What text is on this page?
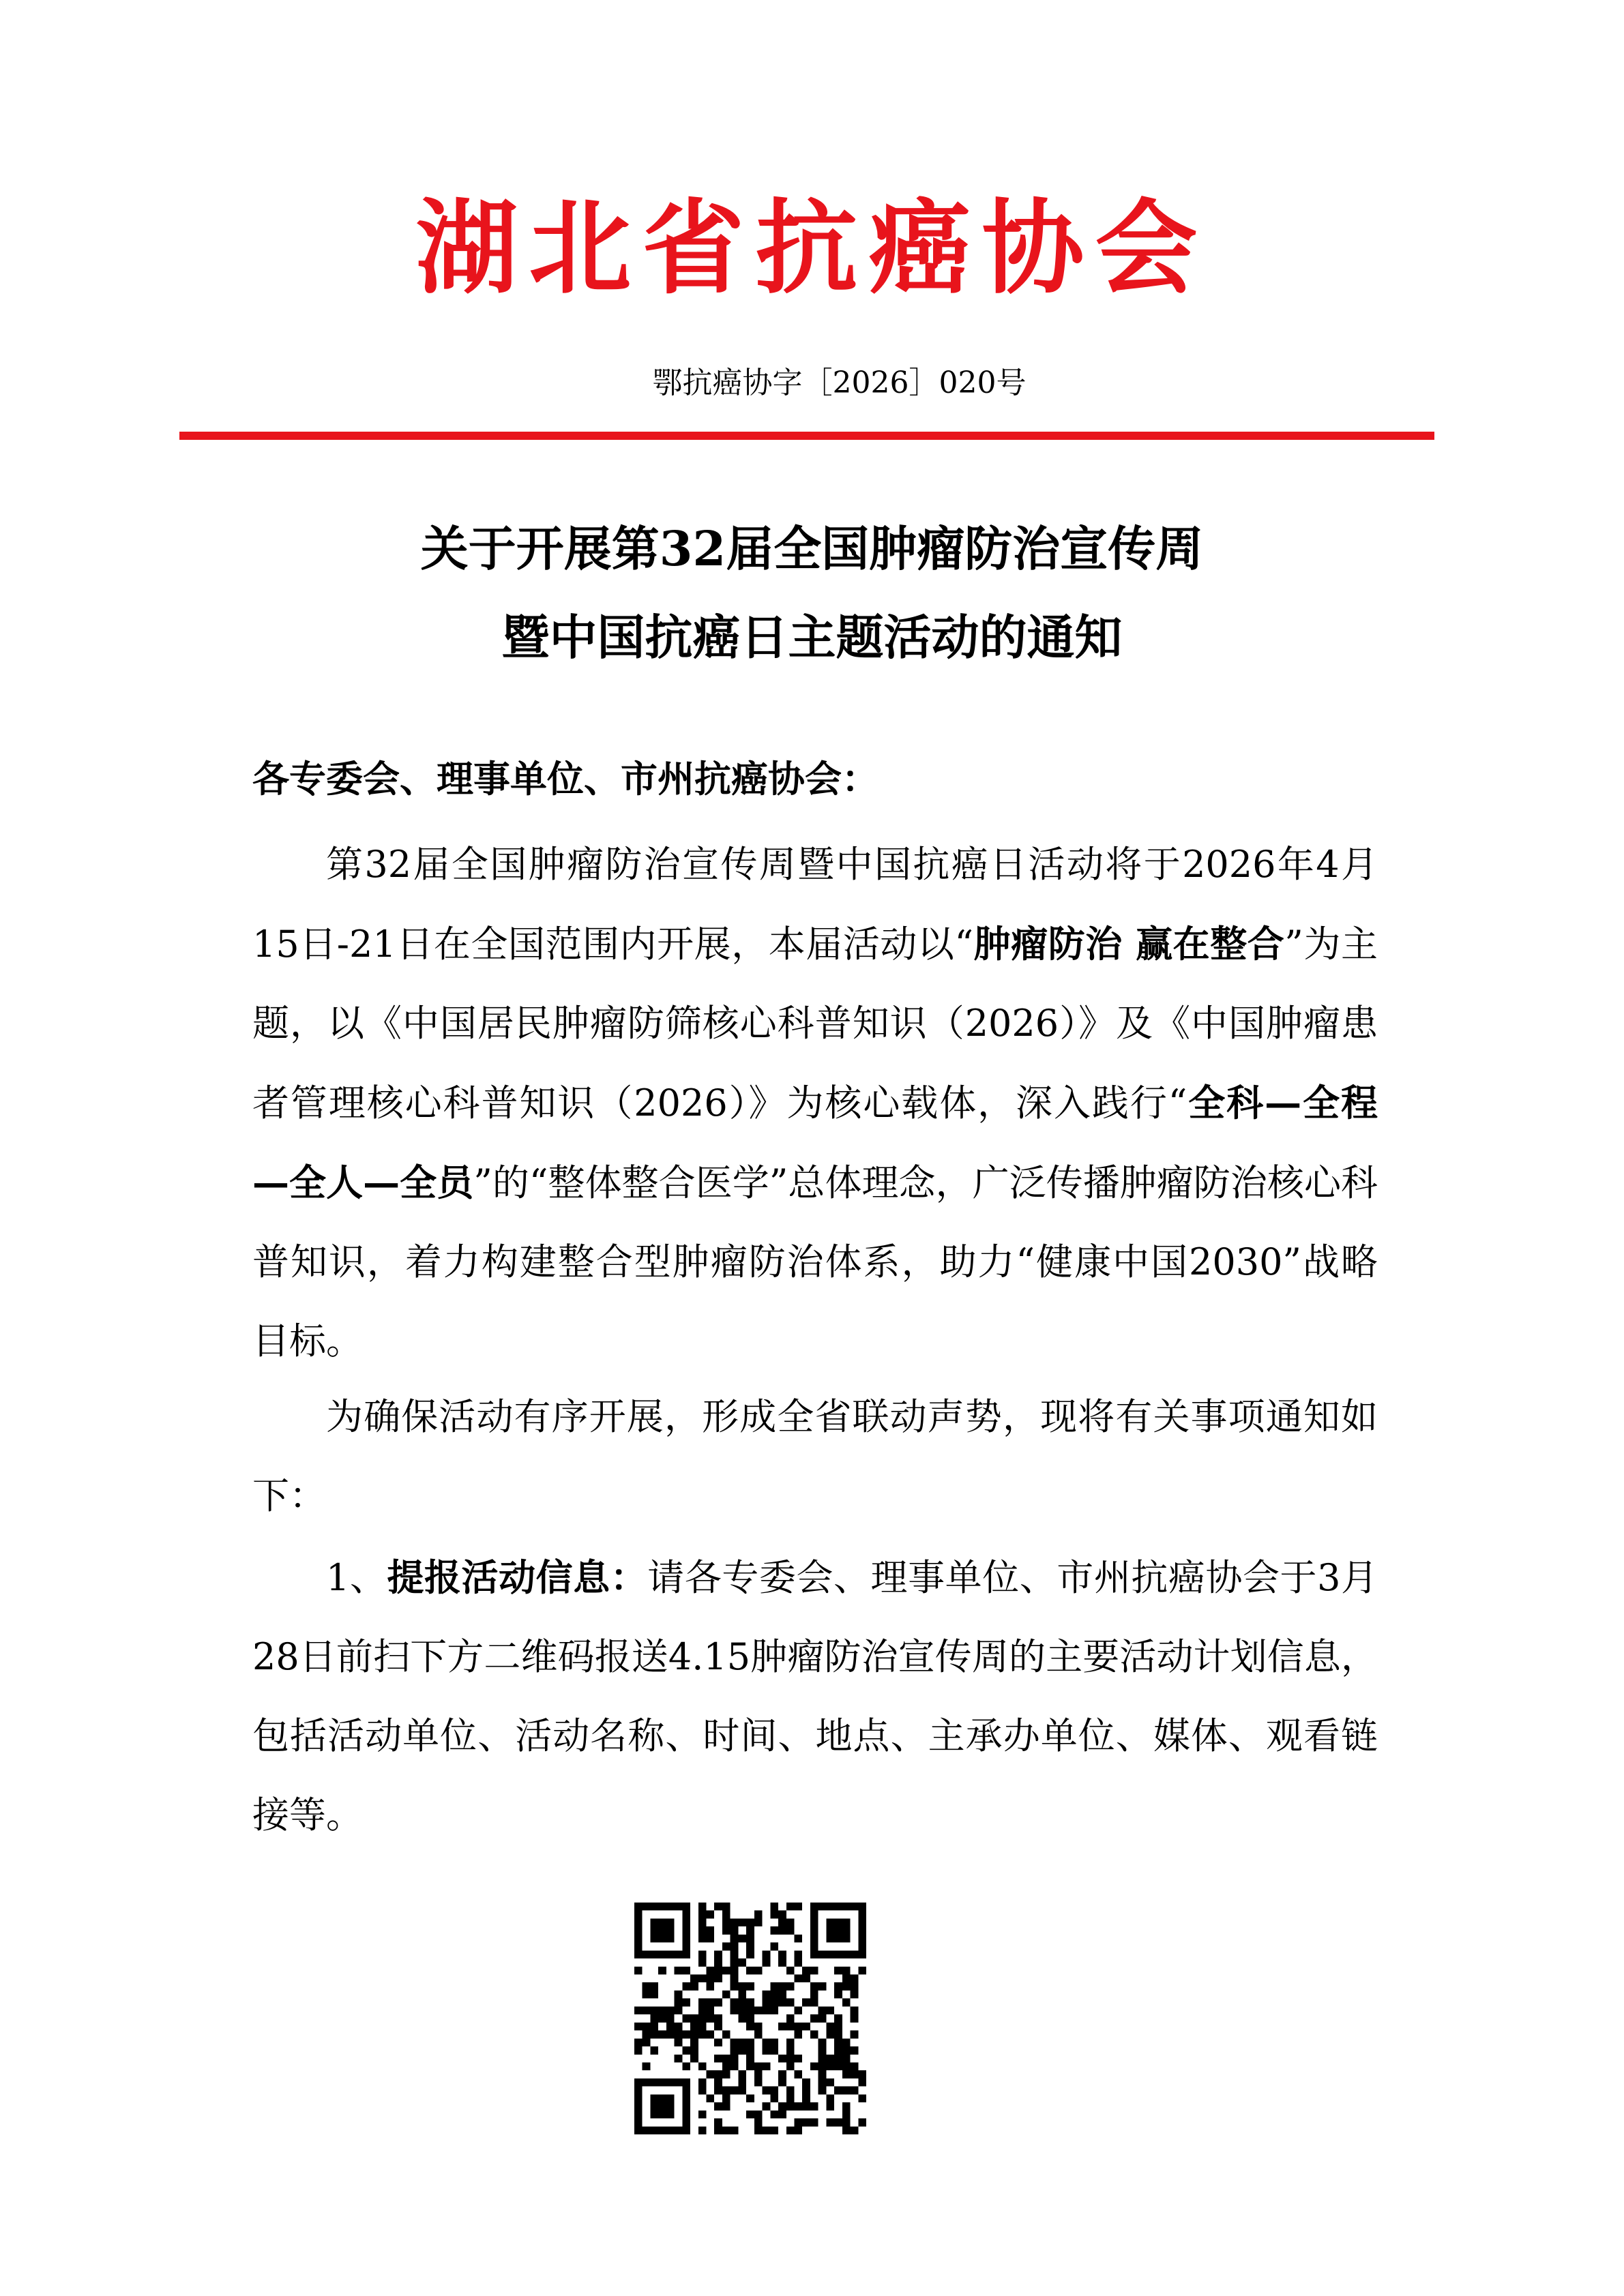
湖北省抗癌协会
鄂抗癌协字［2026］020号
关于开展第32届全国肿瘤防治宣传周
暨中国抗癌日主题活动的通知
各专委会、理事单位、市州抗癌协会：
第32届全国肿瘤防治宣传周暨中国抗癌日活动将于2026年4月15日-21日在全国范围内开展，本届活动以“肿瘤防治 赢在整合”为主题，以《中国居民肿瘤防筛核心科普知识（2026）》及《中国肿瘤患者管理核心科普知识（2026）》为核心载体，深入践行“全科—全程—全人—全员”的“整体整合医学”总体理念，广泛传播肿瘤防治核心科普知识，着力构建整合型肿瘤防治体系，助力“健康中国2030”战略目标。
为确保活动有序开展，形成全省联动声势，现将有关事项通知如下：
1、提报活动信息：请各专委会、理事单位、市州抗癌协会于3月28日前扫下方二维码报送4.15肿瘤防治宣传周的主要活动计划信息，包括活动单位、活动名称、时间、地点、主承办单位、媒体、观看链接等。
